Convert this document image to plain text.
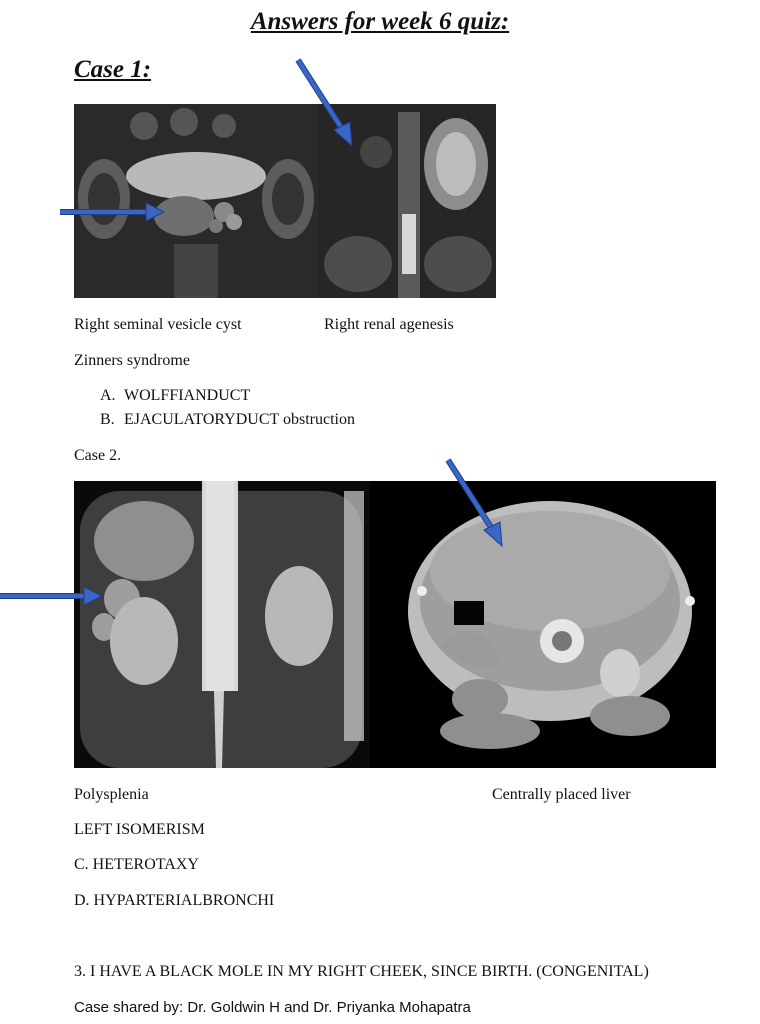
Answers for week 6 quiz:
Case 1:
Right seminal vesicle cyst	Right renal agenesis
Zinners syndrome
A. WOLFFIANDUCT
B. EJACULATORYDUCT obstruction
Case 2.
Polysplenia	Centrally placed liver
LEFT ISOMERISM
C. HETEROTAXY
D. HYPARTERIALBRONCHI
3. I HAVE A BLACK MOLE IN MY RIGHT CHEEK, SINCE BIRTH. (CONGENITAL)
Case shared by: Dr. Goldwin H and Dr. Priyanka Mohapatra
